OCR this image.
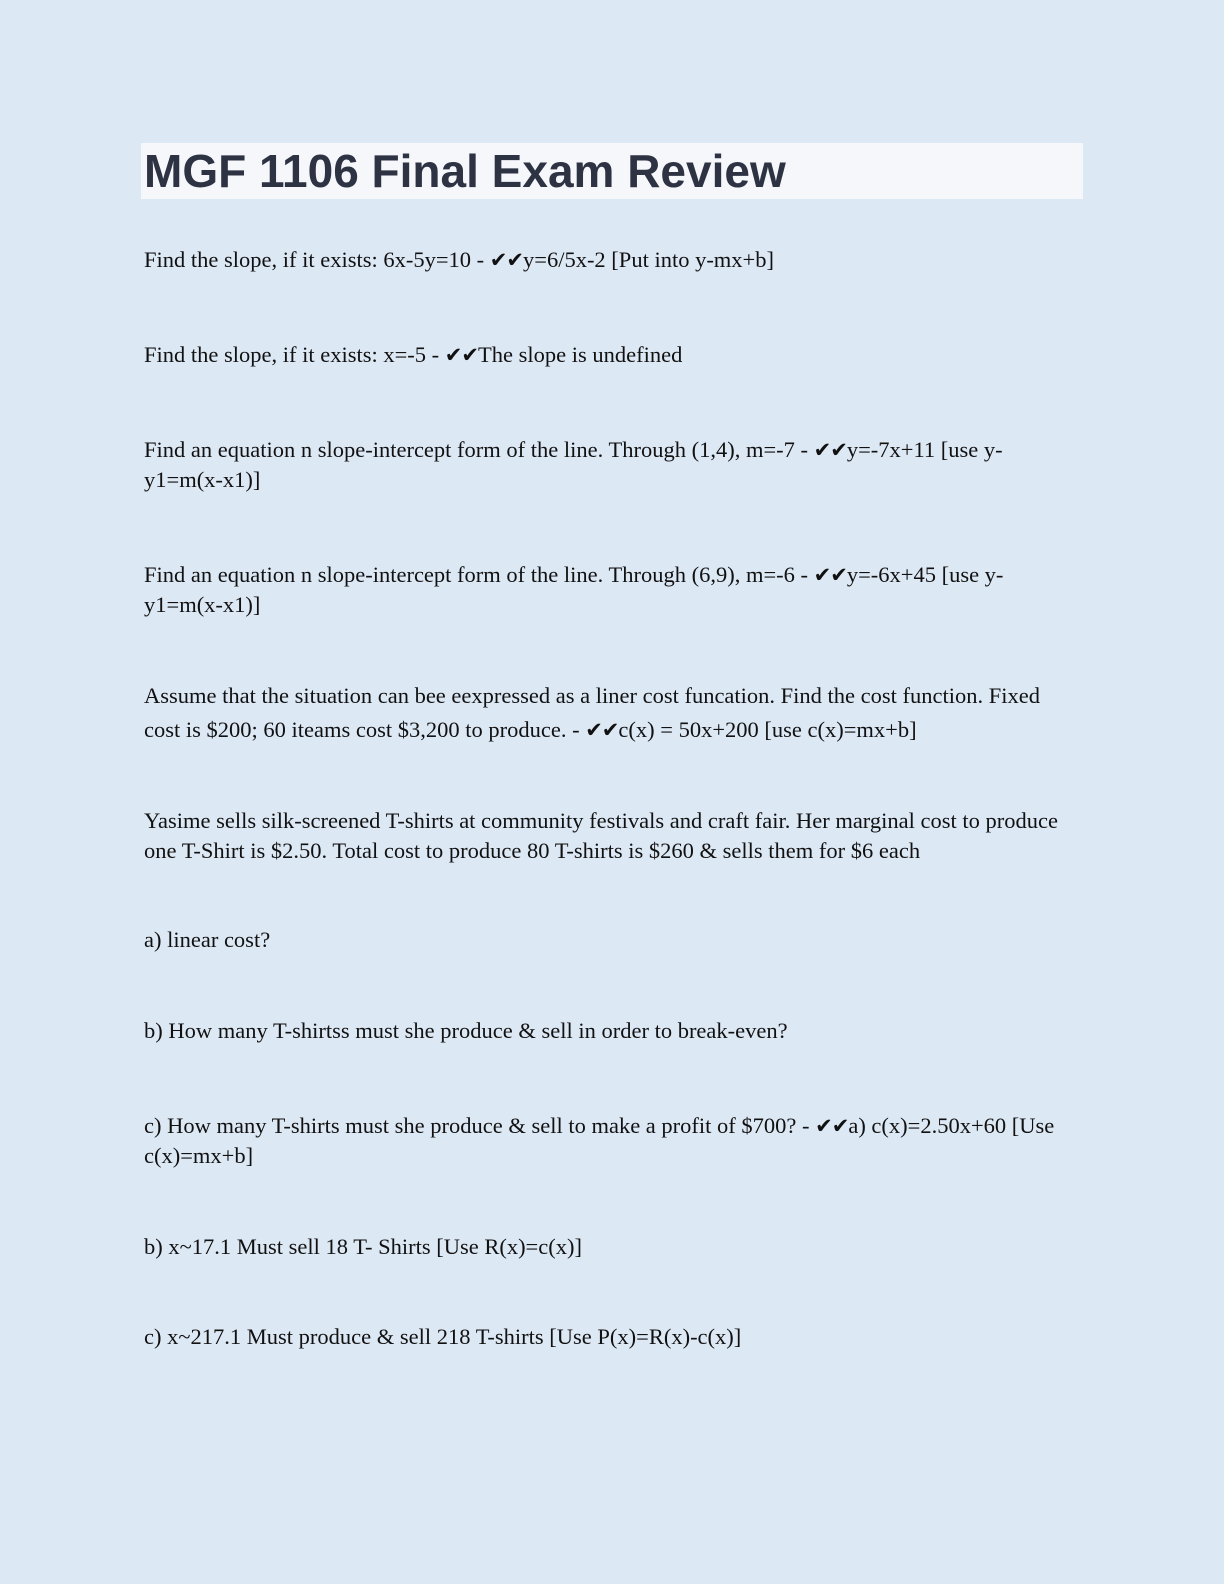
MGF 1106 Final Exam Review

Find the slope, if it exists: 6x-5y=10 - ✔✔y=6/5x-2 [Put into y-mx+b]

Find the slope, if it exists: x=-5 - ✔✔The slope is undefined

Find an equation n slope-intercept form of the line. Through (1,4), m=-7 - ✔✔y=-7x+11 [use y-y1=m(x-x1)]

Find an equation n slope-intercept form of the line. Through (6,9), m=-6 - ✔✔y=-6x+45 [use y-y1=m(x-x1)]

Assume that the situation can bee eexpressed as a liner cost funcation. Find the cost function. Fixed cost is $200; 60 iteams cost $3,200 to produce. - ✔✔c(x) = 50x+200 [use c(x)=mx+b]

Yasime sells silk-screened T-shirts at community festivals and craft fair. Her marginal cost to produce one T-Shirt is $2.50. Total cost to produce 80 T-shirts is $260 & sells them for $6 each

a) linear cost?

b) How many T-shirtss must she produce & sell in order to break-even?

c) How many T-shirts must she produce & sell to make a profit of $700? - ✔✔a) c(x)=2.50x+60 [Use c(x)=mx+b]

b) x~17.1 Must sell 18 T- Shirts [Use R(x)=c(x)]

c) x~217.1 Must produce & sell 218 T-shirts [Use P(x)=R(x)-c(x)]
